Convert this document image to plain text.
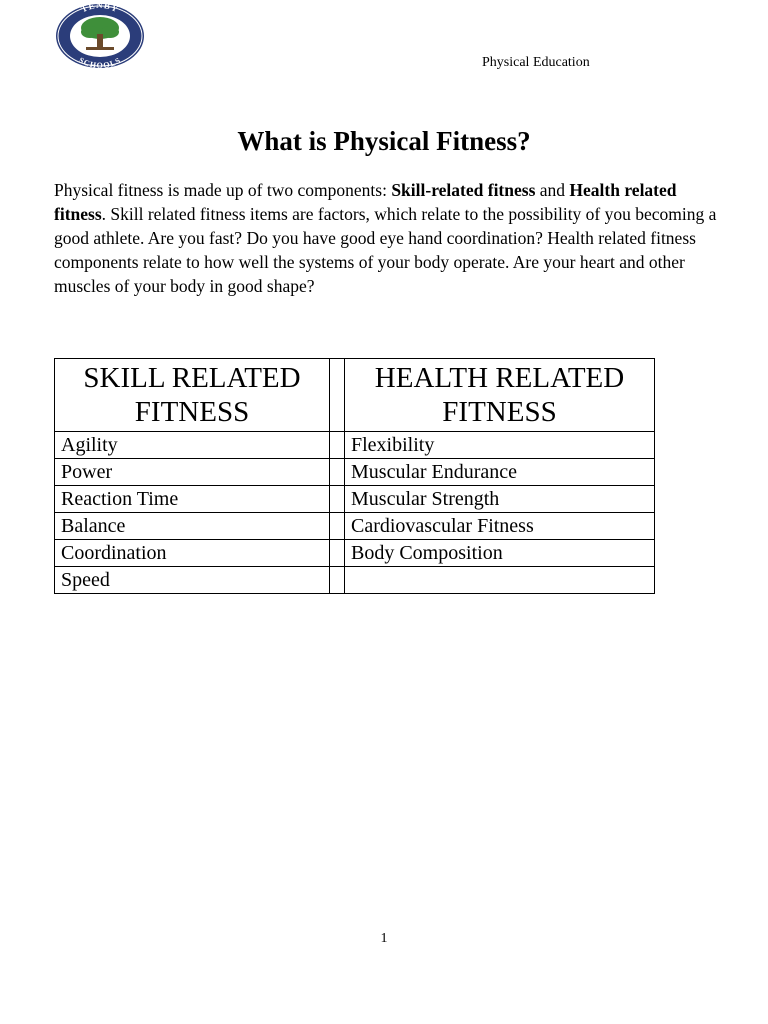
TENBY
SCHOOLS	Physical Education
What is Physical Fitness?

Physical fitness is made up of two components: Skill-related fitness and Health related fitness. Skill related fitness items are factors, which relate to the possibility of you becoming a good athlete. Are you fast? Do you have good eye hand coordination? Health related fitness components relate to how well the systems of your body operate. Are your heart and other muscles of your body in good shape?

SKILL RELATED FITNESS		HEALTH RELATED FITNESS
Agility		Flexibility
Power		Muscular Endurance
Reaction Time		Muscular Strength
Balance		Cardiovascular Fitness
Coordination		Body Composition
Speed		
1
